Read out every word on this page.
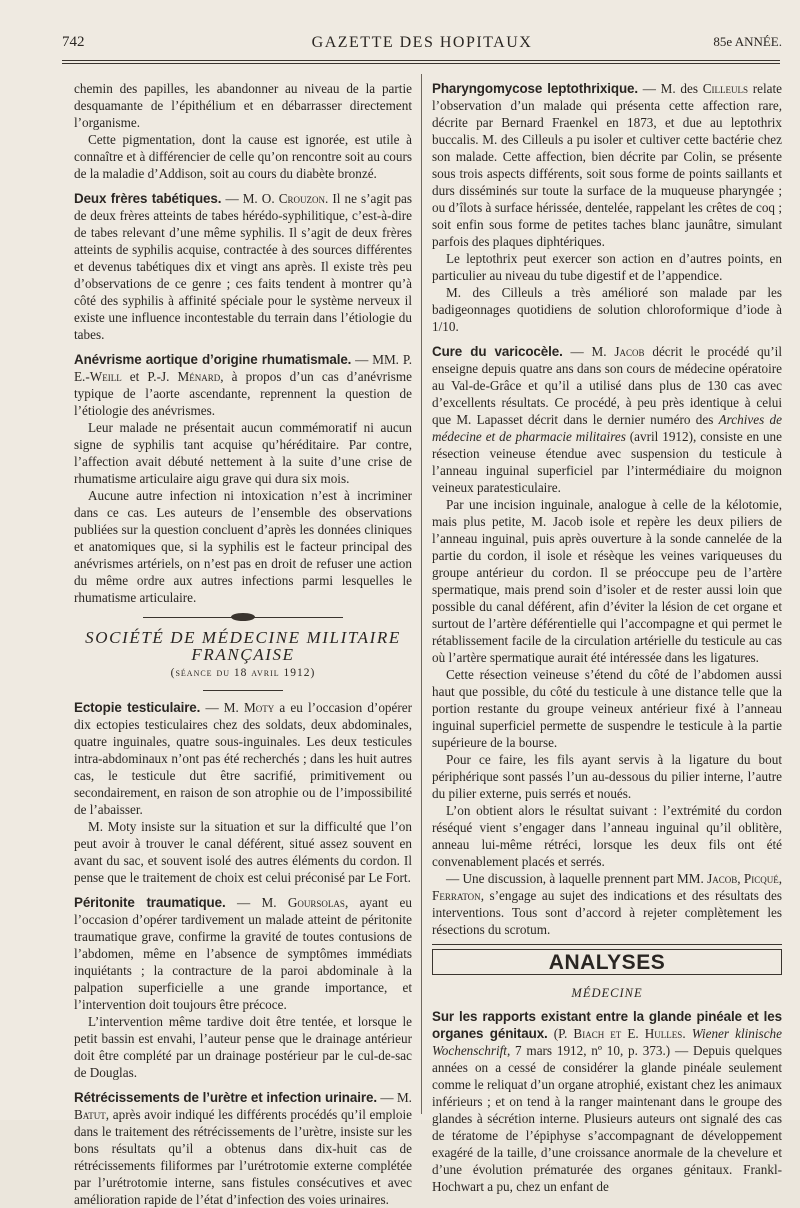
742	GAZETTE DES HOPITAUX	85e ANNÉE.

chemin des papilles, les abandonner au niveau de la partie desquamante de l’épithélium et en débarrasser directement l’organisme.

Cette pigmentation, dont la cause est ignorée, est utile à connaître et à différencier de celle qu’on rencontre soit au cours de la maladie d’Addison, soit au cours du diabète bronzé.

Deux frères tabétiques. — M. O. Crouzon. Il ne s’agit pas de deux frères atteints de tabes hérédo-syphilitique, c’est-à-dire de tabes relevant d’une même syphilis. Il s’agit de deux frères atteints de syphilis acquise, contractée à des sources différentes et devenus tabétiques dix et vingt ans après. Il existe très peu d’observations de ce genre ; ces faits tendent à montrer qu’à côté des syphilis à affinité spéciale pour le système nerveux il existe une influence incontestable du terrain dans l’étiologie du tabes.

Anévrisme aortique d’origine rhumatismale. — MM. P. E.-Weill et P.-J. Ménard, à propos d’un cas d’anévrisme typique de l’aorte ascendante, reprennent la question de l’étiologie des anévrismes.

Leur malade ne présentait aucun commémoratif ni aucun signe de syphilis tant acquise qu’héréditaire. Par contre, l’affection avait débuté nettement à la suite d’une crise de rhumatisme articulaire aigu grave qui dura six mois.

Aucune autre infection ni intoxication n’est à incriminer dans ce cas. Les auteurs de l’ensemble des observations publiées sur la question concluent d’après les données cliniques et anatomiques que, si la syphilis est le facteur principal des anévrismes artériels, on n’est pas en droit de refuser une action du même ordre aux autres infections parmi lesquelles le rhumatisme articulaire.

SOCIÉTÉ DE MÉDECINE MILITAIRE FRANÇAISE
(séance du 18 avril 1912)

Ectopie testiculaire. — M. Moty a eu l’occasion d’opérer dix ectopies testiculaires chez des soldats, deux abdominales, quatre inguinales, quatre sous-inguinales. Les deux testicules intra-abdominaux n’ont pas été recherchés ; dans les huit autres cas, le testicule dut être sacrifié, primitivement ou secondairement, en raison de son atrophie ou de l’impossibilité de l’abaisser.

M. Moty insiste sur la situation et sur la difficulté que l’on peut avoir à trouver le canal déférent, situé assez souvent en avant du sac, et souvent isolé des autres éléments du cordon. Il pense que le traitement de choix est celui préconisé par Le Fort.

Péritonite traumatique. — M. Goursolas, ayant eu l’occasion d’opérer tardivement un malade atteint de péritonite traumatique grave, confirme la gravité de toutes contusions de l’abdomen, même en l’absence de symptômes immédiats inquiétants ; la contracture de la paroi abdominale à la palpation superficielle a une grande importance, et l’intervention doit toujours être précoce.

L’intervention même tardive doit être tentée, et lorsque le petit bassin est envahi, l’auteur pense que le drainage antérieur doit être complété par un drainage postérieur par le cul-de-sac de Douglas.

Rétrécissements de l’urètre et infection urinaire. — M. Batut, après avoir indiqué les différents procédés qu’il emploie dans le traitement des rétrécissements de l’urètre, insiste sur les bons résultats qu’il a obtenus dans dix-huit cas de rétrécissements filiformes par l’urétrotomie externe complétée par l’urétrotomie interne, sans fistules consécutives et avec amélioration rapide de l’état d’infection des voies urinaires.

Pharyngomycose leptothrixique. — M. des Cilleuls relate l’observation d’un malade qui présenta cette affection rare, décrite par Bernard Fraenkel en 1873, et due au leptothrix buccalis. M. des Cilleuls a pu isoler et cultiver cette bactérie chez son malade. Cette affection, bien décrite par Colin, se présente sous trois aspects différents, soit sous forme de points saillants et durs disséminés sur toute la surface de la muqueuse pharyngée ; ou d’îlots à surface hérissée, dentelée, rappelant les crêtes de coq ; soit enfin sous forme de petites taches blanc jaunâtre, simulant parfois des plaques diphtériques.

Le leptothrix peut exercer son action en d’autres points, en particulier au niveau du tube digestif et de l’appendice.

M. des Cilleuls a très amélioré son malade par les badigeonnages quotidiens de solution chloroformique d’iode à 1/10.

Cure du varicocèle. — M. Jacob décrit le procédé qu’il enseigne depuis quatre ans dans son cours de médecine opératoire au Val-de-Grâce et qu’il a utilisé dans plus de 130 cas avec d’excellents résultats. Ce procédé, à peu près identique à celui que M. Lapasset décrit dans le dernier numéro des Archives de médecine et de pharmacie militaires (avril 1912), consiste en une résection veineuse étendue avec suspension du testicule à l’anneau inguinal superficiel par l’intermédiaire du moignon veineux paratesticulaire.

Par une incision inguinale, analogue à celle de la kélotomie, mais plus petite, M. Jacob isole et repère les deux piliers de l’anneau inguinal, puis après ouverture à la sonde cannelée de la partie du cordon, il isole et résèque les veines variqueuses du groupe antérieur du cordon. Il se préoccupe peu de l’artère spermatique, mais prend soin d’isoler et de rester aussi loin que possible du canal déférent, afin d’éviter la lésion de cet organe et surtout de l’artère déférentielle qui l’accompagne et qui permet le rétablissement facile de la circulation artérielle du testicule au cas où l’artère spermatique aurait été intéressée dans les ligatures.

Cette résection veineuse s’étend du côté de l’abdomen aussi haut que possible, du côté du testicule à une distance telle que la portion restante du groupe veineux antérieur fixé à l’anneau inguinal superficiel permette de suspendre le testicule à la partie supérieure de la bourse.

Pour ce faire, les fils ayant servis à la ligature du bout périphérique sont passés l’un au-dessous du pilier interne, l’autre du pilier externe, puis serrés et noués.

L’on obtient alors le résultat suivant : l’extrémité du cordon réséqué vient s’engager dans l’anneau inguinal qu’il oblitère, anneau lui-même rétréci, lorsque les deux fils ont été convenablement placés et serrés.

— Une discussion, à laquelle prennent part MM. Jacob, Picqué, Ferraton, s’engage au sujet des indications et des résultats des interventions. Tous sont d’accord à rejeter complètement les résections du scrotum.

ANALYSES
MÉDECINE

Sur les rapports existant entre la glande pinéale et les organes génitaux. (P. Biach et E. Hulles. Wiener klinische Wochenschrift, 7 mars 1912, nº 10, p. 373.) — Depuis quelques années on a cessé de considérer la glande pinéale seulement comme le reliquat d’un organe atrophié, existant chez les animaux inférieurs ; et on tend à la ranger maintenant dans le groupe des glandes à sécrétion interne. Plusieurs auteurs ont signalé des cas de tératome de l’épiphyse s’accompagnant de développement exagéré de la taille, d’une croissance anormale de la chevelure et d’une évolution prématurée des organes génitaux. Frankl-Hochwart a pu, chez un enfant de
